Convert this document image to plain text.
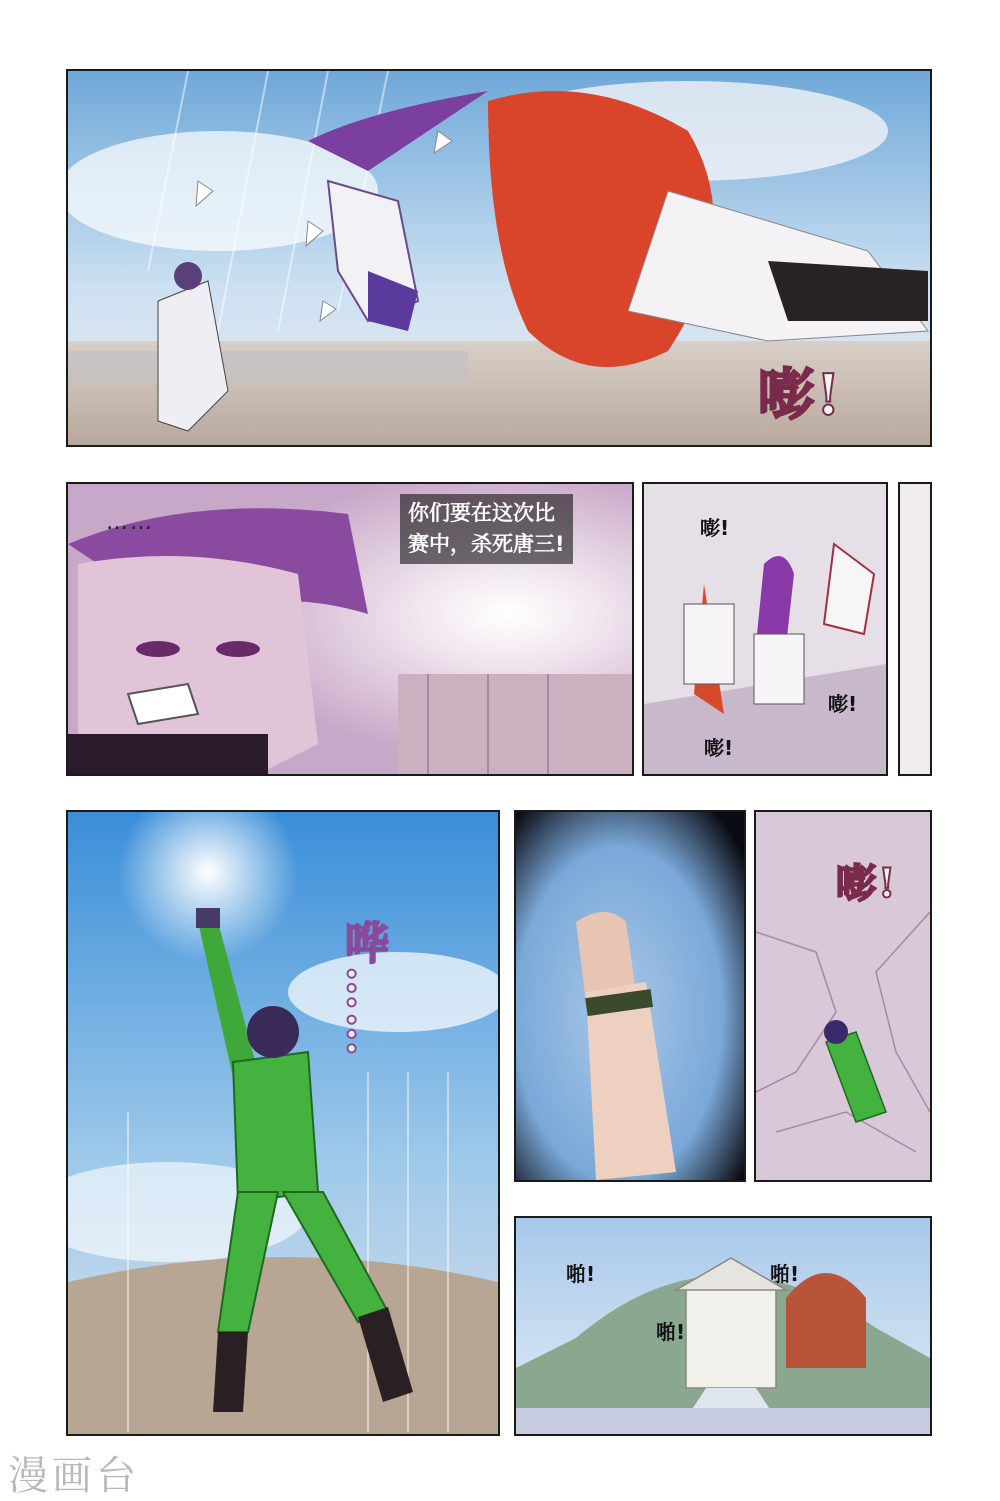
嘭!
……	你们要在这次比
赛中，杀死唐三!
嘭!
嘭!
嘭!
哗……
嘭!
啪!	啪!
啪!
漫画台
